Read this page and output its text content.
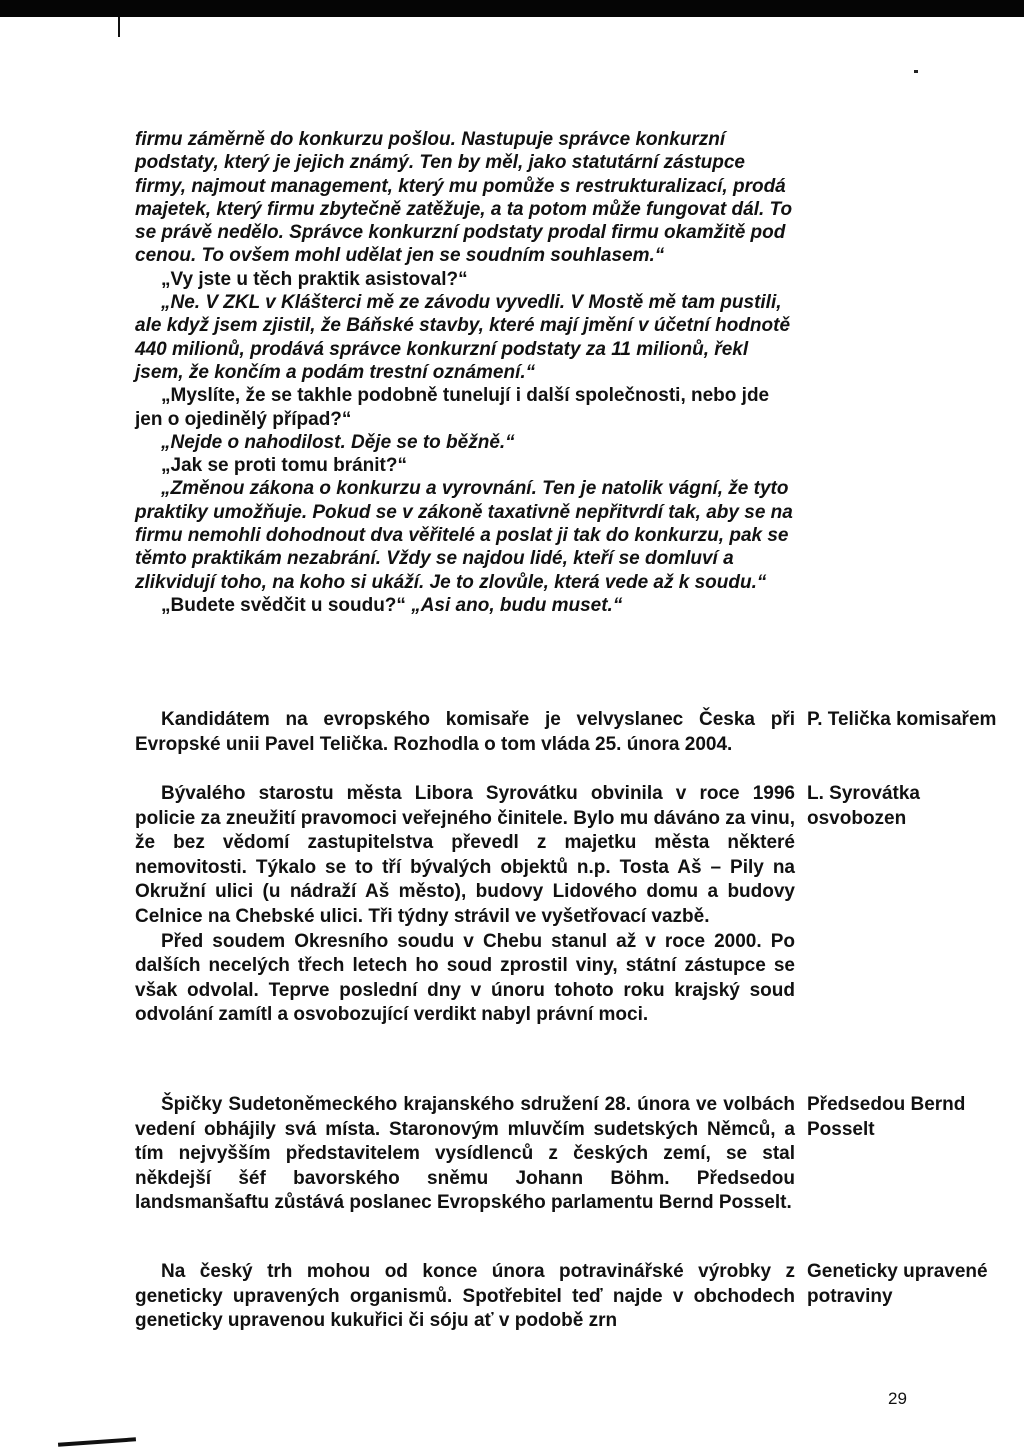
firmu záměrně do konkurzu pošlou. Nastupuje správce konkurzní podstaty, který je jejich známý. Ten by měl, jako statutární zástupce firmy, najmout management, který mu pomůže s restrukturalizací, prodá majetek, který firmu zbytečně zatěžuje, a ta potom může fungovat dál. To se právě nedělo. Správce konkurzní podstaty prodal firmu okamžitě pod cenou. To ovšem mohl udělat jen se soudním souhlasem.“

„Vy jste u těch praktik asistoval?“

„Ne. V ZKL v Klášterci mě ze závodu vyvedli. V Mostě mě tam pustili, ale když jsem zjistil, že Báňské stavby, které mají jmění v účetní hodnotě 440 milionů, prodává správce konkurzní podstaty za 11 milionů, řekl jsem, že končím a podám trestní oznámení.“

„Myslíte, že se takhle podobně tunelují i další společnosti, nebo jde jen o ojedinělý případ?“

„Nejde o nahodilost. Děje se to běžně.“

„Jak se proti tomu bránit?“

„Změnou zákona o konkurzu a vyrovnání. Ten je natolik vágní, že tyto praktiky umožňuje. Pokud se v zákoně taxativně nepřitvrdí tak, aby se na firmu nemohli dohodnout dva věřitelé a poslat ji tak do konkurzu, pak se těmto praktikám nezabrání. Vždy se najdou lidé, kteří se domluví a zlikvidují toho, na koho si ukáží. Je to zlovůle, která vede až k soudu.“

„Budete svědčit u soudu?“ „Asi ano, budu muset.“

Kandidátem na evropského komisaře je velvyslanec Česka při Evropské unii Pavel Telička. Rozhodla o tom vláda 25. února 2004.

P. Telička komisařem

Bývalého starostu města Libora Syrovátku obvinila v roce 1996 policie za zneužití pravomoci veřejného činitele. Bylo mu dáváno za vinu, že bez vědomí zastupitelstva převedl z majetku města některé nemovitosti. Týkalo se to tří bývalých objektů n.p. Tosta Aš – Pily na Okružní ulici (u nádraží Aš město), budovy Lidového domu a budovy Celnice na Chebské ulici. Tři týdny strávil ve vyšetřovací vazbě.

Před soudem Okresního soudu v Chebu stanul až v roce 2000. Po dalších necelých třech letech ho soud zprostil viny, státní zástupce se však odvolal. Teprve poslední dny v únoru tohoto roku krajský soud odvolání zamítl a osvobozující verdikt nabyl právní moci.

L. Syrovátka osvobozen

Špičky Sudetoněmeckého krajanského sdružení 28. února ve volbách vedení obhájily svá místa. Staronovým mluvčím sudetských Němců, a tím nejvyšším představitelem vysídlenců z českých zemí, se stal někdejší šéf bavorského sněmu Johann Böhm. Předsedou landsmanšaftu zůstává poslanec Evropského parlamentu Bernd Posselt.

Předsedou Bernd Posselt

Na český trh mohou od konce února potravinářské výrobky z geneticky upravených organismů. Spotřebitel teď najde v obchodech geneticky upravenou kukuřici či sóju ať v podobě zrn

Geneticky upravené potraviny
29
